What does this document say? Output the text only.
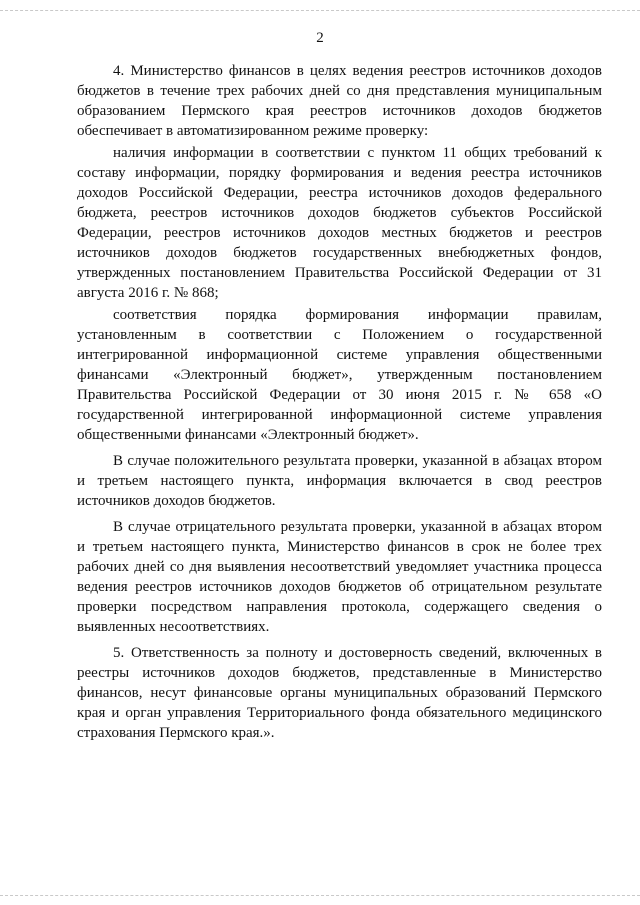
2

4. Министерство финансов в целях ведения реестров источников доходов бюджетов в течение трех рабочих дней со дня представления муниципальным образованием Пермского края реестров источников доходов бюджетов обеспечивает в автоматизированном режиме проверку:

наличия информации в соответствии с пунктом 11 общих требований к составу информации, порядку формирования и ведения реестра источников доходов Российской Федерации, реестра источников доходов федерального бюджета, реестров источников доходов бюджетов субъектов Российской Федерации, реестров источников доходов местных бюджетов и реестров источников доходов бюджетов государственных внебюджетных фондов, утвержденных постановлением Правительства Российской Федерации от 31 августа 2016 г. № 868;

соответствия порядка формирования информации правилам, установленным в соответствии с Положением о государственной интегрированной информационной системе управления общественными финансами «Электронный бюджет», утвержденным постановлением Правительства Российской Федерации от 30 июня 2015 г. № 658 «О государственной интегрированной информационной системе управления общественными финансами «Электронный бюджет».

В случае положительного результата проверки, указанной в абзацах втором и третьем настоящего пункта, информация включается в свод реестров источников доходов бюджетов.

В случае отрицательного результата проверки, указанной в абзацах втором и третьем настоящего пункта, Министерство финансов в срок не более трех рабочих дней со дня выявления несоответствий уведомляет участника процесса ведения реестров источников доходов бюджетов об отрицательном результате проверки посредством направления протокола, содержащего сведения о выявленных несоответствиях.

5. Ответственность за полноту и достоверность сведений, включенных в реестры источников доходов бюджетов, представленные в Министерство финансов, несут финансовые органы муниципальных образований Пермского края и орган управления Территориального фонда обязательного медицинского страхования Пермского края.».
